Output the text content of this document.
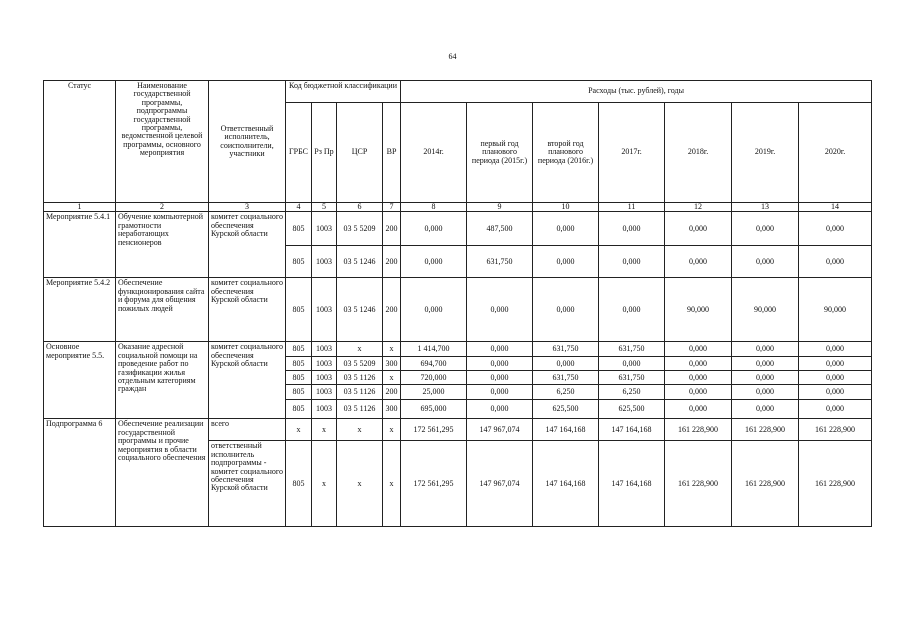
64
Статус	Наименование государственной программы, подпрограммы государственной программы, ведомственной целевой программы, основного мероприятия	Ответственный исполнитель, соисполнители, участники	Код бюджетной классификации				Расходы (тыс. рублей), годы						
			ГРБС	Рз Пр	ЦСР	ВР	2014г.	первый год планового периода (2015г.)	второй год планового периода (2016г.)	2017г.	2018г.	2019г.	2020г.
1	2	3	4	5	6	7	8	9	10	11	12	13	14
Мероприятие 5.4.1	Обучение компьютерной грамотности неработающих пенсионеров	комитет социального обеспечения Курской области	805	1003	03 5 5209	200	0,000	487,500	0,000	0,000	0,000	0,000	0,000
			805	1003	03 5 1246	200	0,000	631,750	0,000	0,000	0,000	0,000	0,000
Мероприятие 5.4.2	Обеспечение функционирования сайта и форума для общения пожилых людей	комитет социального обеспечения Курской области	805	1003	03 5 1246	200	0,000	0,000	0,000	0,000	90,000	90,000	90,000
Основное мероприятие 5.5.	Оказание адресной социальной помощи на проведение работ по газификации жилья отдельным категориям граждан	комитет социального обеспечения Курской области	805	1003	х	х	1 414,700	0,000	631,750	631,750	0,000	0,000	0,000
			805	1003	03 5 5209	300	694,700	0,000	0,000	0,000	0,000	0,000	0,000
			805	1003	03 5 1126	х	720,000	0,000	631,750	631,750	0,000	0,000	0,000
			805	1003	03 5 1126	200	25,000	0,000	6,250	6,250	0,000	0,000	0,000
			805	1003	03 5 1126	300	695,000	0,000	625,500	625,500	0,000	0,000	0,000
Подпрограмма 6	Обеспечение реализации государственной программы и прочие мероприятия в области социального обеспечения	всего	х	х	х	х	172 561,295	147 967,074	147 164,168	147 164,168	161 228,900	161 228,900	161 228,900
		ответственный исполнитель подпрограммы - комитет социального обеспечения Курской области	805	х	х	х	172 561,295	147 967,074	147 164,168	147 164,168	161 228,900	161 228,900	161 228,900
